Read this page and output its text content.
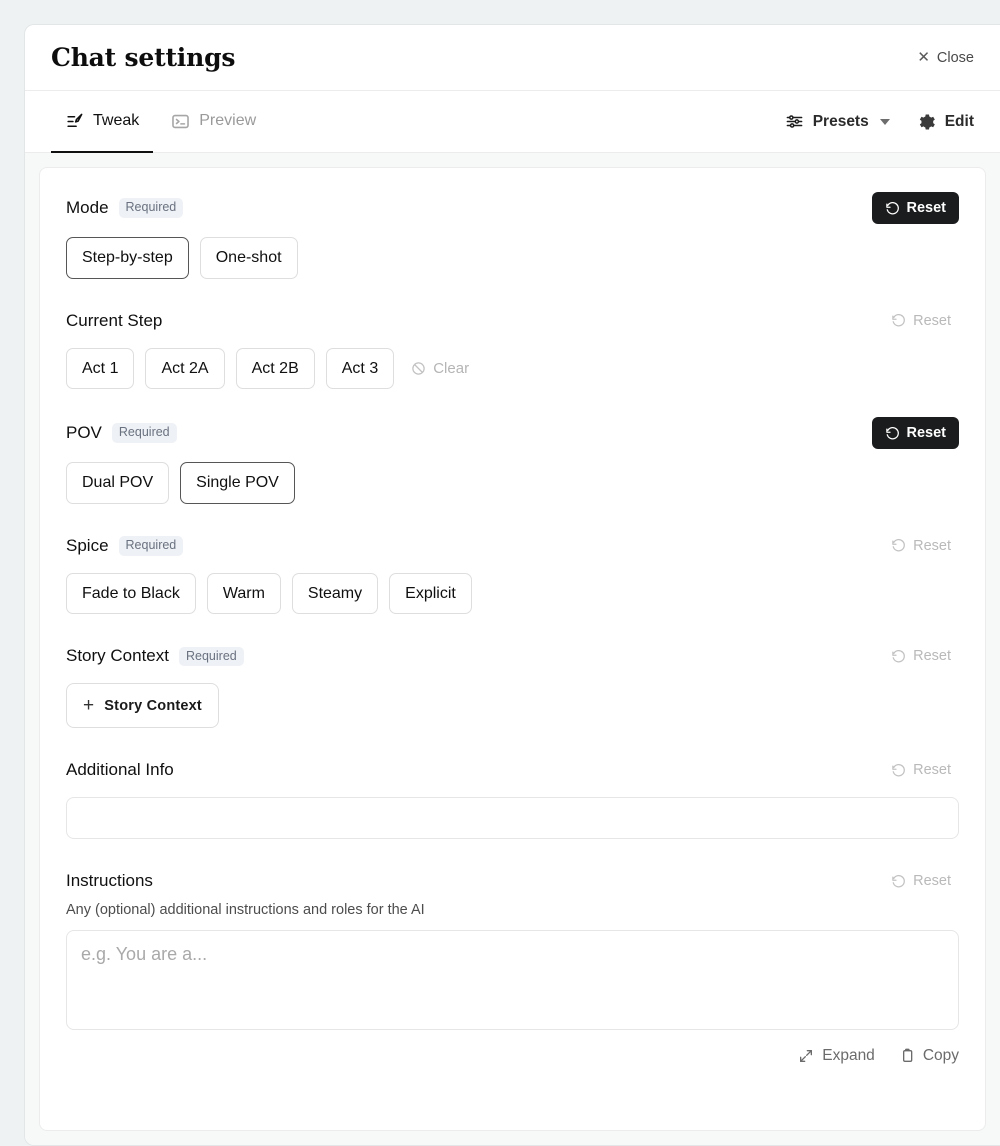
Chat settings	✕ Close
Tweak	Preview	Presets	Edit
Mode	Required	Reset
Step-by-step	One-shot
Current Step	Reset
Act 1	Act 2A	Act 2B	Act 3	Clear
POV	Required	Reset
Dual POV	Single POV
Spice	Required	Reset
Fade to Black	Warm	Steamy	Explicit
Story Context	Required	Reset
+ Story Context
Additional Info	Reset
Instructions	Reset
Any (optional) additional instructions and roles for the AI
e.g. You are a...
Expand	Copy
